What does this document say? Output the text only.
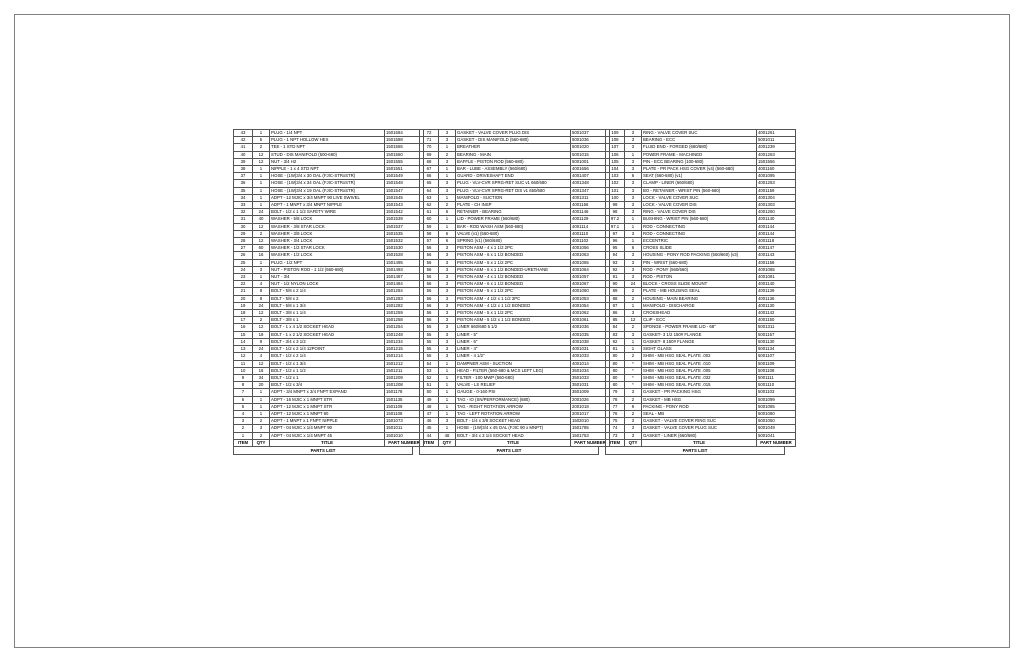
43	1	PLUG - 1/4 NPT	1501684
42	5	PLUG - 1 NPT HOLLOW HEX	1501588
41	2	TEE - 1 STD NPT	1501565
40	12	STUD - DIS MANIFOLD (500-680)	1501560
39	12	NUT - 3/4 H2	1501555
38	1	NIPPLE - 1 x 4 STD NPT	1501551
37	1	HOSE - (1W)3/4 x 30 OAL (FJIC-STRxSTR)	1501549
36	1	HOSE - (1W)3/4 x 34 OAL (FJIC-STRxSTR)	1501548
35	1	HOSE - (1W)3/4 x 19 OAL (FJIC-STRxSTR)	1501547
34	1	ADPT - 12 MJIC x 3/4 MNPT 90 LIVE SWIVEL	1501545
33	1	ADPT - 1 MNPT x 3/4 MNPT NIPPLE	1501543
32	24	BOLT - 1/2 x 1 1/2 SAFETY WIRE	1501542
31	40	WASHER - 5/8 LOCK	1501539
30	12	WASHER - 3/8 STAR LOCK	1501537
29	2	WASHER - 3/8 LOCK	1501535
28	12	WASHER - 3/4 LOCK	1501532
27	60	WASHER - 1/2 STAR LOCK	1501530
26	16	WASHER - 1/2 LOCK	1501528
25	1	PLUG - 1/2 NPT	1501495
24	3	NUT - PISTON ROD - 1 1/2 (560-680)	1501493
23	1	NUT - 3/4	1501487
22	4	NUT - 1/2 NYLON LOCK	1501484
21	8	BOLT - 5/8 x 2 1/4	1501284
20	8	BOLT - 5/8 x 2	1501283
19	24	BOLT - 5/8 x 1 3/4	1501282
18	12	BOLT - 3/8 x 1 1/4	1501259
17	2	BOLT - 3/8 x 1	1501258
16	12	BOLT - 1 x 4 1/2 SOCKET HEAD	1501254
15	18	BOLT - 1 x 2 1/2 SOCKET HEAD	1501248
14	9	BOLT - 3/4 x 3 1/2	1501234
13	24	BOLT - 1/2 x 2 1/4 12POINT	1501215
12	4	BOLT - 1/2 x 2 1/4	1501214
11	12	BOLT - 1/2 x 1 3/4	1501212
10	16	BOLT - 1/2 x 1 1/2	1501211
9	34	BOLT - 1/2 x 1	1501209
8	20	BOLT - 1/2 x 3/4	1501208
7	1	ADPT - 3/4 MNPT x 3/4 FNPT EXPAND	1501178
6	1	ADPT - 16 MJIC x 1 MNPT STR	1501135
5	1	ADPT - 12 MJIC x 1 MNPT STR	1501109
4	1	ADPT - 12 MJIC x 1 MNPT 90	1501108
3	2	ADPT - 1 MNPT x 1 FNPT NIPPLE	1501073
2	3	ADPT - 04 MJIC x 1/4 MNPT 90	1501011
1	2	ADPT - 04 MJIC x 1/4 MNPT 45	1501010
ITEM	QTY	TITLE	PART NUMBER
PARTS LIST
72	3	GASKET - VALVE COVER PLUG DIS	5001037
71	3	GASKET - DIS MANIFOLD (560-680)	5001036
70	1	BREATHER	5001020
69	2	BEARING - MAIN	5001015
68	3	BAFFLE - PISTON ROD (560-680)	5001001
67	1	BAR - LUBE - ASSEMBLY (560/680)	4001656
66	1	GUARD - DRIVESHAFT END	4001407
65	3	PLUG - VLV-CVR SPRG-RET SUC v1 660/680	4001348
64	3	PLUG - VLV-CVR SPRG-RET DIS v1 650/680	4001347
63	1	MANIFOLD - SUCTION	4001311
62	2	PLATE - CH INSP	4001156
61	6	RETAINER - BEARING	4001146
60	1	LID - POWER FRAME (560/680)	4001129
59	1	BAR - ROD WASH ASM (560-680)	4001114
58	6	VALVE (v1) (560-680)	4001110
57	6	SPRING (v1) (560/680)	4001102
56	3	PISTON ASM - 4 x 1 1/2 2PC	4001056
56	3	PISTON ASM - 6 x 1 1/2 BONDED	4001063
56	3	PISTON ASM - 6 x 1 1/2 2PC	4001065
56	3	PISTON ASM - 6 x 1 1/2 BONDED-URETHANE	4001064
56	3	PISTON ASM - 4 x 1 1/2 BONDED	4001057
56	3	PISTON ASM - 6 x 1 1/2 BONDED	4001067
56	3	PISTON ASM - 5 x 1 1/2 2PC	4001060
56	3	PISTON ASM - 4 1/2 x 1 1/2 2PC	4001053
56	3	PISTON ASM - 4 1/2 x 1 1/2 BONDED	4001054
56	3	PISTON ASM - 5 x 1 1/2 2PC	4001062
56	3	PISTON ASM - 5 1/2 x 1 1/2 BONDED	4001061
55	3	LINER 660/680 5 1/2	4001036
55	3	LINER - 5"	4001035
55	3	LINER - 6"	4001038
55	3	LINER - 4"	4001031
55	3	LINER - 4 1/2"	4001033
54	1	DAMPNER ASM - SUCTION	4001014
53	1	HEAD - FILTER (560-680 & MCS LEFT LEG)	3501034
52	1	FILTER - 100 MWP (560-680)	3501033
51	1	VALVE - LS RELIEF	3501031
50	1	GAUGE - 0-160 PSI	3501009
49	1	TAG - IO (SN/PERFORMANCE) (680)	2001026
48	1	TAG - RIGHT ROTATION ARROW	2001018
47	1	TAG - LEFT ROTATION ARROW	2001017
46	3	BOLT - 1/4 x 3/8 SOCKET HEAD	1502010
45	1	HOSE - (1W)3/4 x 45 OAL (FJIC 90 x MNPT)	1501785
44	48	BOLT - 3/4 x 3 1/4 SOCKET HEAD	1501753
ITEM	QTY	TITLE	PART NUMBER
PARTS LIST
109	3	RING - VALVE COVER SUC	4001261
108	3	BEARING - ECC	5001011
107	3	FLUID END - FORGED (660/680)	4001239
106	1	POWER FRAME - MACHINED	4001263
105	3	PIN - ECC BEARING (100-680)	1501556
104	3	PLATE - PR PACK HSG COVER (v4) (560-680)	4001160
103	6	SEAT (560-680) (v1)	4001095
102	3	CLAMP - LINER (660/680)	4001253
101	3	BO - RETAINER - WRIST PIN (560-680)	4001159
100	3	LOCK - VALVE COVER SUC	4001304
99	3	LOCK - VALVE COVER DIS	4001303
98	3	RING - VALVE COVER DIS	4001260
97.2	1	BUSHING - WRIST PIN (560-680)	4001140
97.1	1	ROD - CONNECTING	4001144
97	3	ROD - CONNECTING	4001144
96	1	ECCENTRIC	4001118
95	6	CROSS SLIDE	4001147
94	3	HOUSING - PONY ROD PACKING (560/660) (v3)	4001143
93	3	PIN - WRIST (560-680)	4001158
92	3	ROD - PONY (560/660)	4001085
91	3	ROD - PISTON	4001081
90	24	BLOCK - CROSS SLIDE MOUNT	4001140
89	2	PLATE - MB HOUSING SEAL	4001139
88	2	HOUSING - MAIN BEARING	4001136
87	1	MANIFOLD - DISCHARGE	4001130
86	3	CROSSHEAD	4001142
85	12	CLIP - ECC	4001150
84	2	SPONGE - POWER FRAME LID - 68"	5001311
83	3	GASKET- 3 1/2 150# FLANGE	5001157
82	1	GASKET- 8 150# FLANGE	5001130
81	1	SIGHT GLASS	5001134
80	2	SHIM - MB HSG SEAL PLATE .002	5001107
80	*	SHIM - MB HSG SEAL PLATE .010	5001109
80	*	SHIM - MB HSG SEAL PLATE .005	5001108
80	*	SHIM - MB HSG SEAL PLATE .032	5001111
80	*	SHIM - MB HSG SEAL PLATE .015	5001110
79	3	GASKET - PR PACKING HSG	5001103
78	2	GASKET - MB HSG	5001099
77	9	PACKING - PONY ROD	5001085
76	2	SEAL - MB	5001080
75	3	GASKET - VALVE COVER RING SUC	5001050
74	3	GASKET - VALVE COVER PLUG SUC	5001049
73	3	GASKET - LINER (660/680)	5001041
ITEM	QTY	TITLE	PART NUMBER
PARTS LIST
